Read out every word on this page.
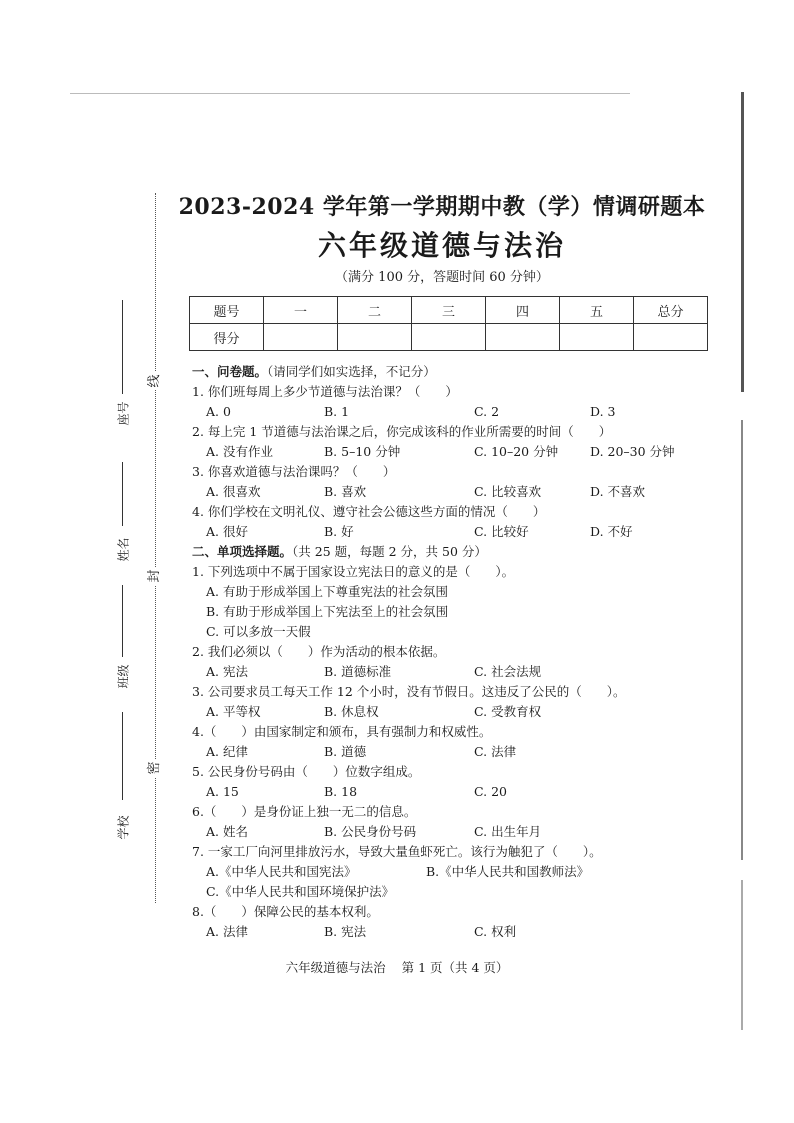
线
封
密
座号
姓名
班级
学校
2023-2024 学年第一学期期中教（学）情调研题本
六年级道德与法治
（满分 100 分，答题时间 60 分钟）
题号	一	二	三	四	五	总分
得分						
一、问卷题。（请同学们如实选择，不记分）
1. 你们班每周上多少节道德与法治课？（　　）
A. 0	B. 1	C. 2	D. 3
2. 每上完 1 节道德与法治课之后，你完成该科的作业所需要的时间（　　）
A. 没有作业	B. 5–10 分钟	C. 10–20 分钟	D. 20–30 分钟
3. 你喜欢道德与法治课吗？（　　）
A. 很喜欢	B. 喜欢	C. 比较喜欢	D. 不喜欢
4. 你们学校在文明礼仪、遵守社会公德这些方面的情况（　　）
A. 很好	B. 好	C. 比较好	D. 不好
二、单项选择题。（共 25 题，每题 2 分，共 50 分）
1. 下列选项中不属于国家设立宪法日的意义的是（　　）。
A. 有助于形成举国上下尊重宪法的社会氛围
B. 有助于形成举国上下宪法至上的社会氛围
C. 可以多放一天假
2. 我们必须以（　　）作为活动的根本依据。
A. 宪法	B. 道德标准	C. 社会法规
3. 公司要求员工每天工作 12 个小时，没有节假日。这违反了公民的（　　）。
A. 平等权	B. 休息权	C. 受教育权
4.（　　）由国家制定和颁布，具有强制力和权威性。
A. 纪律	B. 道德	C. 法律
5. 公民身份号码由（　　）位数字组成。
A. 15	B. 18	C. 20
6.（　　）是身份证上独一无二的信息。
A. 姓名	B. 公民身份号码	C. 出生年月
7. 一家工厂向河里排放污水，导致大量鱼虾死亡。该行为触犯了（　　）。
A.《中华人民共和国宪法》	B.《中华人民共和国教师法》
C.《中华人民共和国环境保护法》
8.（　　）保障公民的基本权利。
A. 法律	B. 宪法	C. 权利
六年级道德与法治 第 1 页（共 4 页）
